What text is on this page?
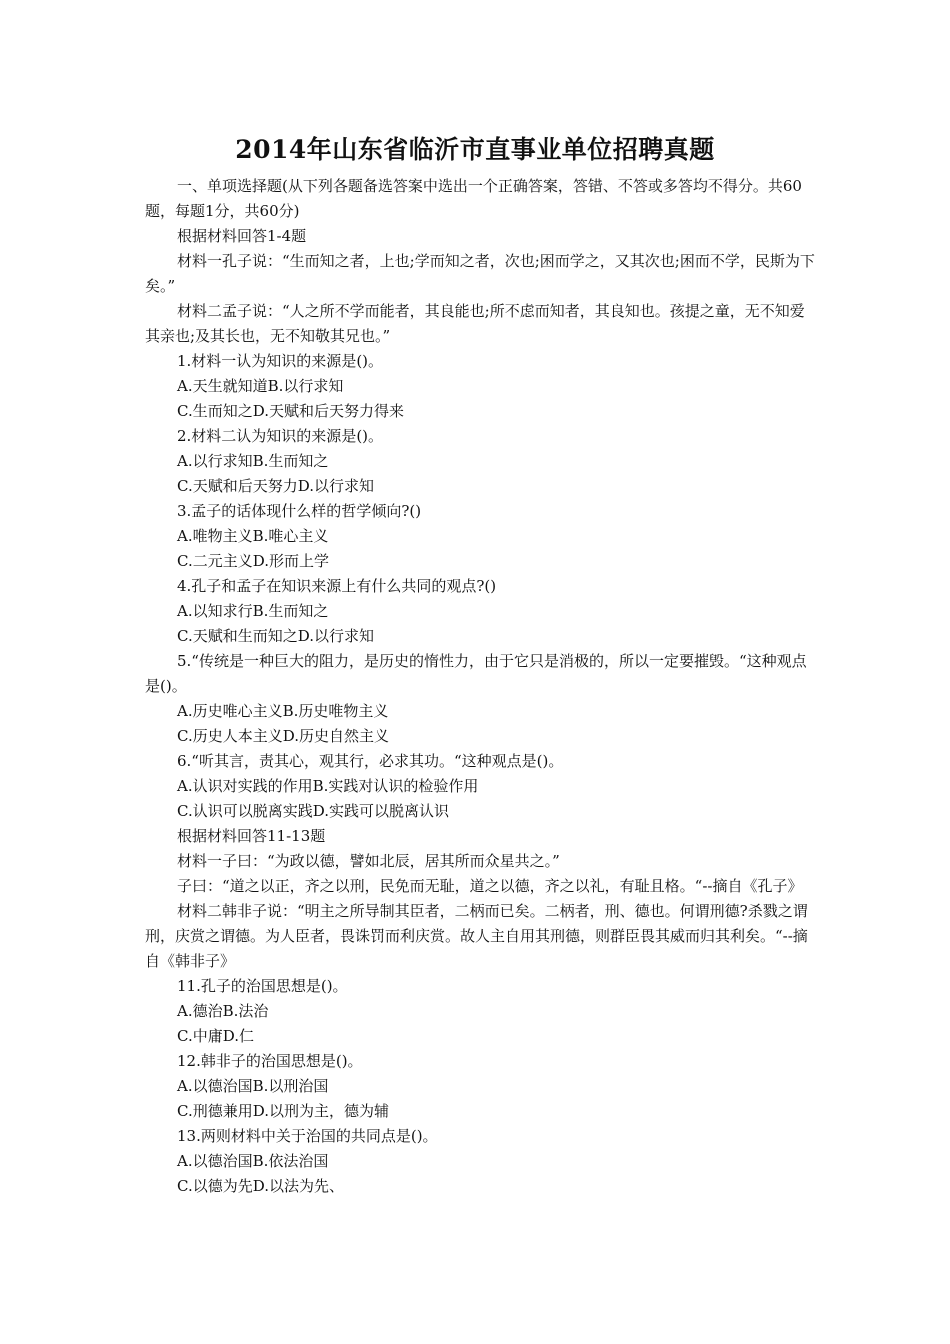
2014年山东省临沂市直事业单位招聘真题

一、单项选择题(从下列各题备选答案中选出一个正确答案，答错、不答或多答均不得分。共60题，每题1分，共60分)

根据材料回答1-4题

材料一孔子说：“生而知之者，上也;学而知之者，次也;困而学之，又其次也;困而不学，民斯为下矣。”

材料二孟子说：“人之所不学而能者，其良能也;所不虑而知者，其良知也。孩提之童，无不知爱其亲也;及其长也，无不知敬其兄也。”

1.材料一认为知识的来源是()。

A.天生就知道B.以行求知

C.生而知之D.天赋和后天努力得来

2.材料二认为知识的来源是()。

A.以行求知B.生而知之

C.天赋和后天努力D.以行求知

3.孟子的话体现什么样的哲学倾向?()

A.唯物主义B.唯心主义

C.二元主义D.形而上学

4.孔子和孟子在知识来源上有什么共同的观点?()

A.以知求行B.生而知之

C.天赋和生而知之D.以行求知

5.“传统是一种巨大的阻力，是历史的惰性力，由于它只是消极的，所以一定要摧毁。“这种观点是()。

A.历史唯心主义B.历史唯物主义

C.历史人本主义D.历史自然主义

6.“听其言，责其心，观其行，必求其功。“这种观点是()。

A.认识对实践的作用B.实践对认识的检验作用

C.认识可以脱离实践D.实践可以脱离认识

根据材料回答11-13题

材料一子曰：“为政以德，譬如北辰，居其所而众星共之。”

子曰：“道之以正，齐之以刑，民免而无耻，道之以德，齐之以礼，有耻且格。“--摘自《孔子》

材料二韩非子说：“明主之所导制其臣者，二柄而已矣。二柄者，刑、德也。何谓刑德?杀戮之谓刑，庆赏之谓德。为人臣者，畏诛罚而利庆赏。故人主自用其刑德，则群臣畏其威而归其利矣。“--摘自《韩非子》

11.孔子的治国思想是()。

A.德治B.法治

C.中庸D.仁

12.韩非子的治国思想是()。

A.以德治国B.以刑治国

C.刑德兼用D.以刑为主，德为辅

13.两则材料中关于治国的共同点是()。

A.以德治国B.依法治国

C.以德为先D.以法为先、
